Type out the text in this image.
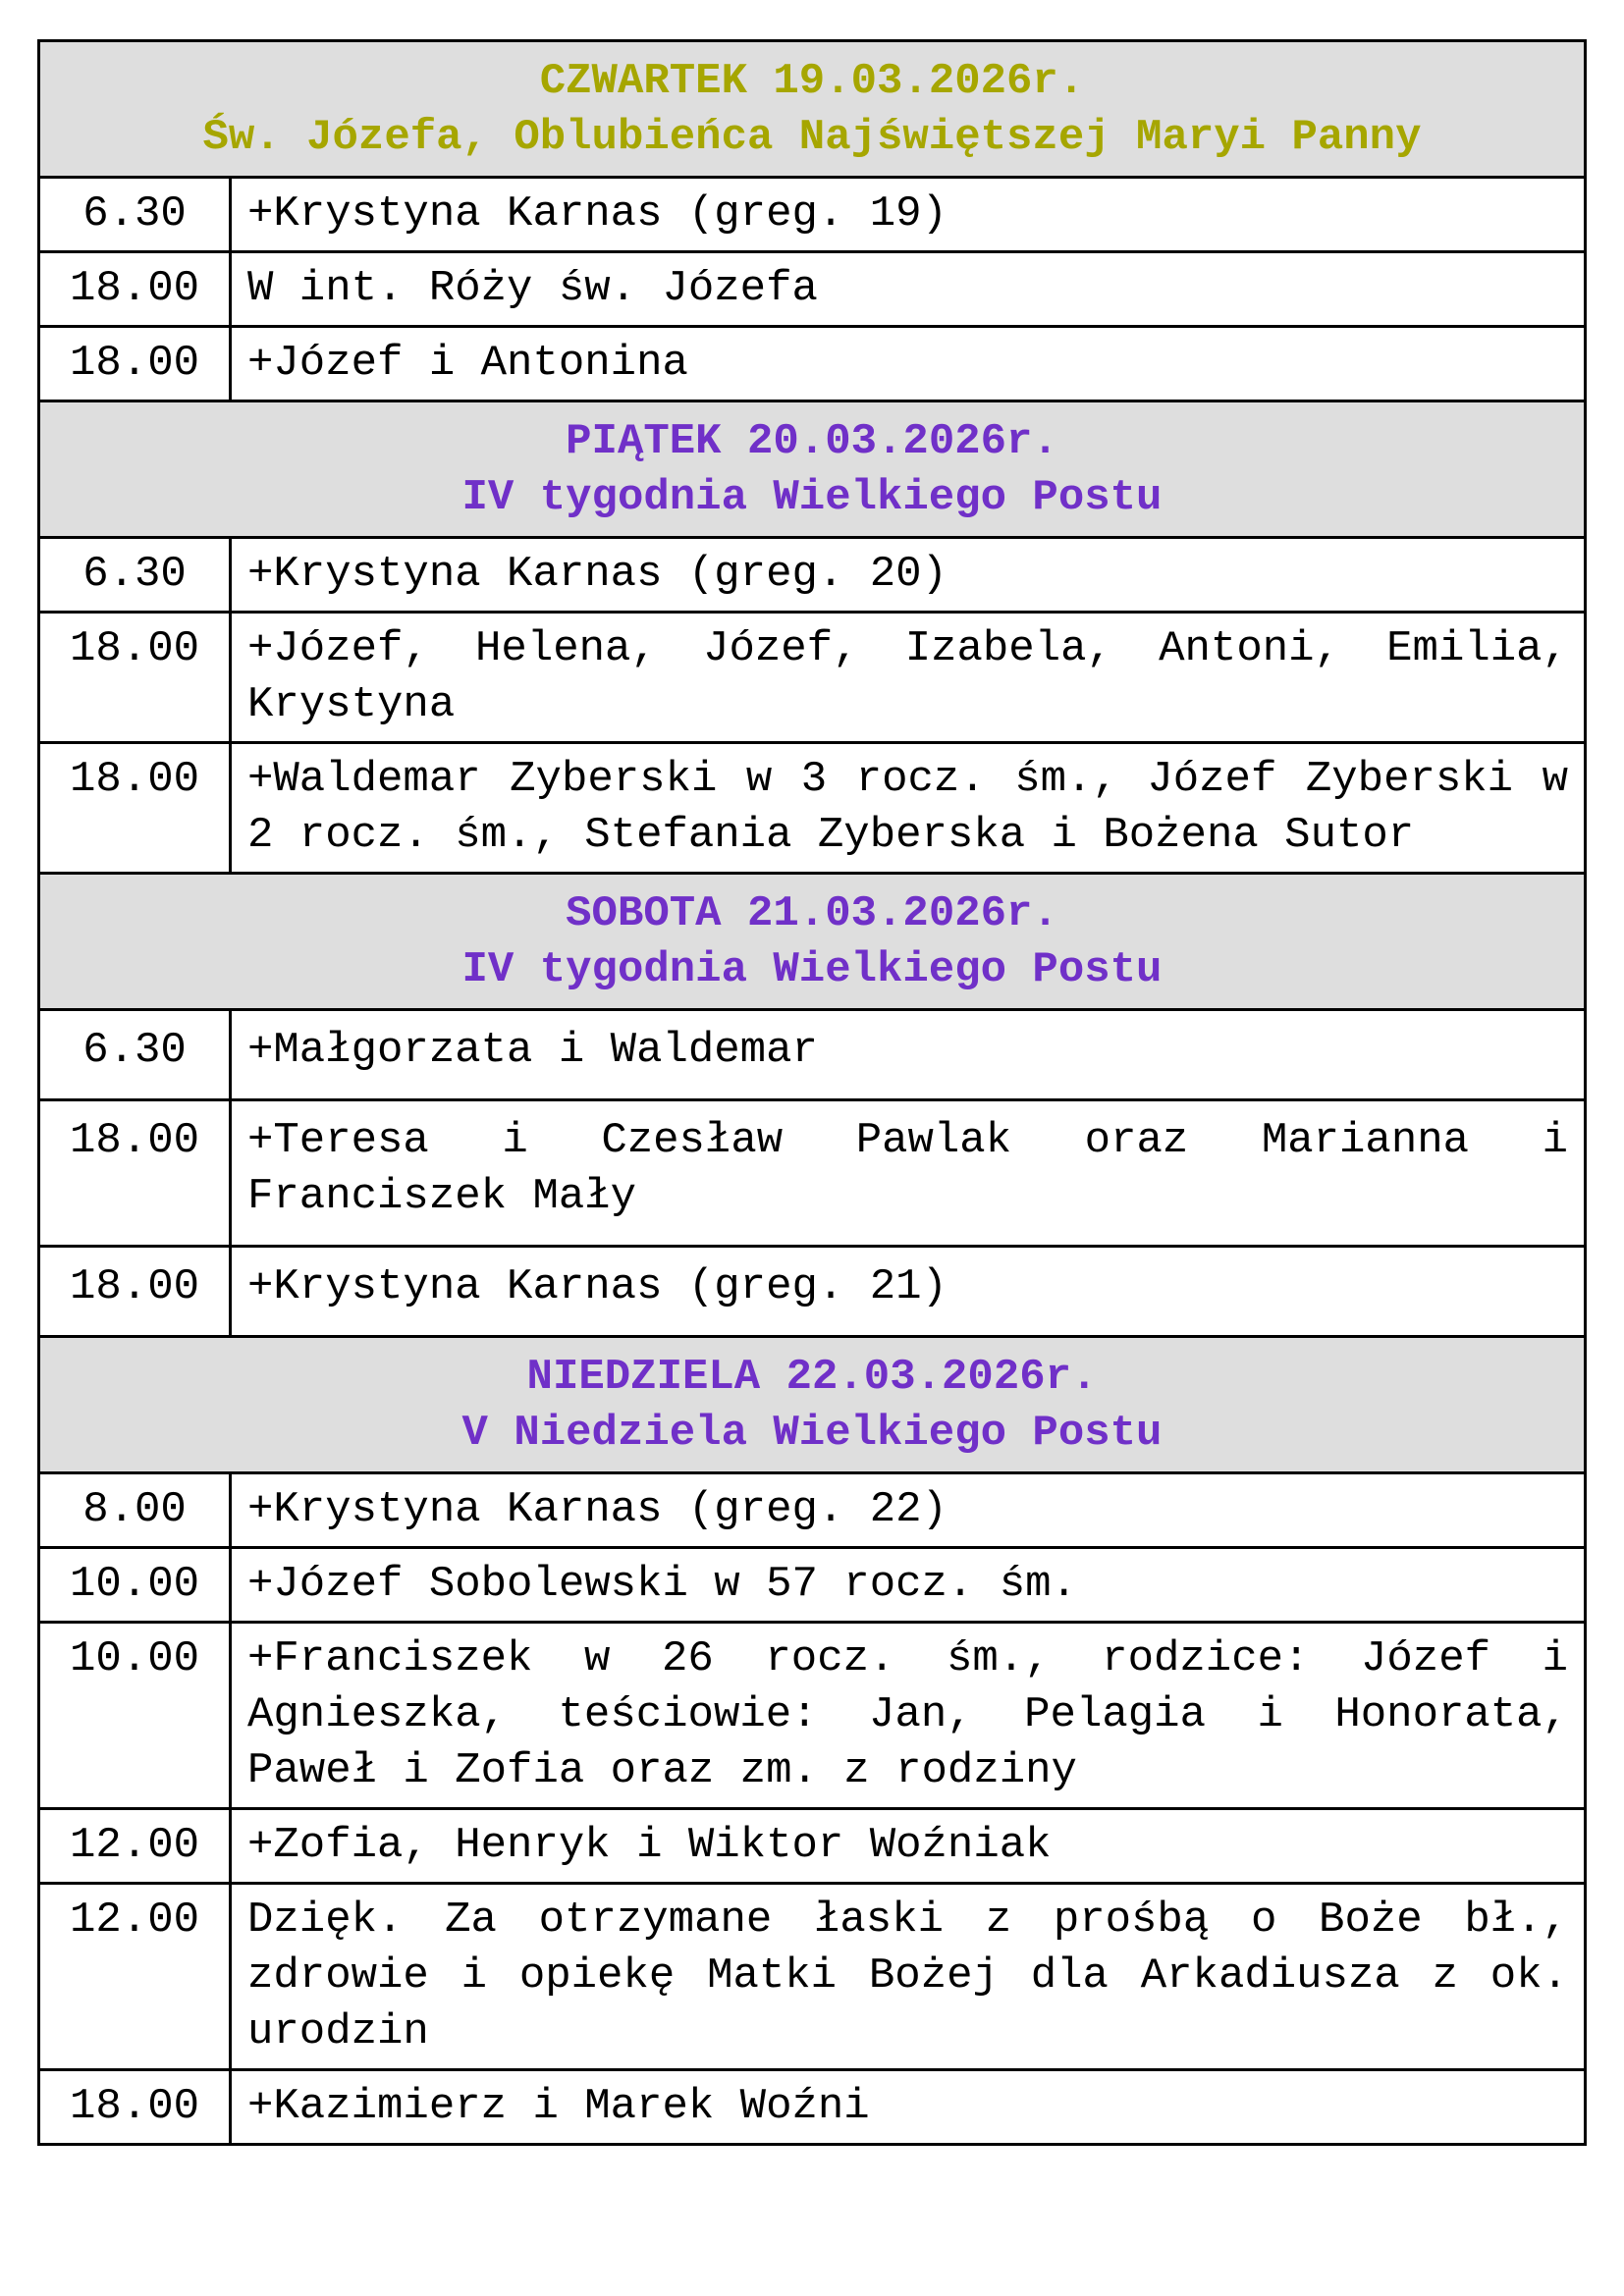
CZWARTEK 19.03.2026r.
Św. Józefa, Oblubieńca Najświętszej Maryi Panny	

6.30	+Krystyna Karnas (greg. 19)
18.00	W int. Róży św. Józefa
18.00	+Józef i Antonina

PIĄTEK 20.03.2026r.
IV tygodnia Wielkiego Postu	

6.30	+Krystyna Karnas (greg. 20)
18.00	+Józef, Helena, Józef, Izabela, Antoni, Emilia, Krystyna
18.00	+Waldemar Zyberski w 3 rocz. śm., Józef Zyberski w 2 rocz. śm., Stefania Zyberska i Bożena Sutor

SOBOTA 21.03.2026r.
IV tygodnia Wielkiego Postu	

6.30	+Małgorzata i Waldemar
18.00	+Teresa i Czesław Pawlak oraz Marianna i Franciszek Mały
18.00	+Krystyna Karnas (greg. 21)

NIEDZIELA 22.03.2026r.
V Niedziela Wielkiego Postu	

8.00	+Krystyna Karnas (greg. 22)
10.00	+Józef Sobolewski w 57 rocz. śm.
10.00	+Franciszek w 26 rocz. śm., rodzice: Józef i Agnieszka, teściowie: Jan, Pelagia i Honorata, Paweł i Zofia oraz zm. z rodziny
12.00	+Zofia, Henryk i Wiktor Woźniak
12.00	Dzięk. Za otrzymane łaski z prośbą o Boże bł., zdrowie i opiekę Matki Bożej dla Arkadiusza z ok. urodzin
18.00	+Kazimierz i Marek Woźni
